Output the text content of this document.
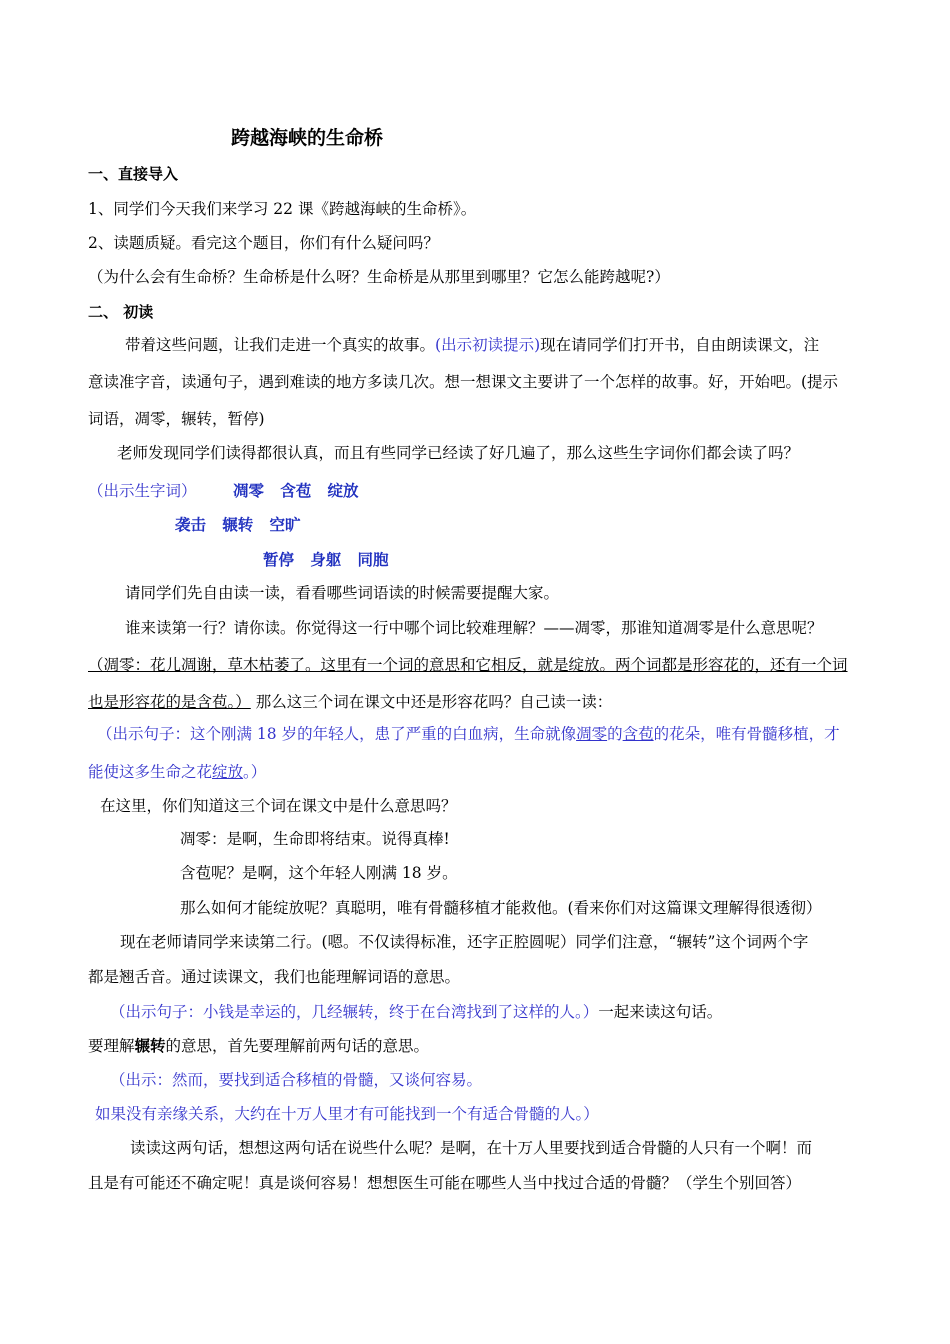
跨越海峡的生命桥
一、直接导入
1、同学们今天我们来学习 22 课《跨越海峡的生命桥》。
2、读题质疑。看完这个题目，你们有什么疑问吗？
（为什么会有生命桥？生命桥是什么呀？生命桥是从那里到哪里？它怎么能跨越呢?）
二、 初读
带着这些问题，让我们走进一个真实的故事。(出示初读提示)现在请同学们打开书，自由朗读课文，注
意读准字音，读通句子，遇到难读的地方多读几次。想一想课文主要讲了一个怎样的故事。好，开始吧。(提示
词语，凋零，辗转，暂停)
老师发现同学们读得都很认真，而且有些同学已经读了好几遍了，那么这些生字词你们都会读了吗？
（出示生字词） 凋零 含苞 绽放
袭击 辗转 空旷
暂停 身躯 同胞
请同学们先自由读一读，看看哪些词语读的时候需要提醒大家。
谁来读第一行？请你读。你觉得这一行中哪个词比较难理解？——凋零，那谁知道凋零是什么意思呢？
（凋零：花儿凋谢，草木枯萎了。这里有一个词的意思和它相反，就是绽放。两个词都是形容花的，还有一个词
也是形容花的是含苞。） 那么这三个词在课文中还是形容花吗？自己读一读：
（出示句子：这个刚满 18 岁的年轻人，患了严重的白血病，生命就像凋零的含苞的花朵，唯有骨髓移植，才
能使这多生命之花绽放。）
在这里，你们知道这三个词在课文中是什么意思吗？
凋零：是啊，生命即将结束。说得真棒!
含苞呢？是啊，这个年轻人刚满 18 岁。
那么如何才能绽放呢？真聪明，唯有骨髓移植才能救他。(看来你们对这篇课文理解得很透彻）
现在老师请同学来读第二行。(嗯。不仅读得标准，还字正腔圆呢）同学们注意，“辗转”这个词两个字
都是翘舌音。通过读课文，我们也能理解词语的意思。
（出示句子：小钱是幸运的，几经辗转，终于在台湾找到了这样的人。）一起来读这句话。
要理解辗转的意思，首先要理解前两句话的意思。
（出示：然而，要找到适合移植的骨髓，又谈何容易。
如果没有亲缘关系，大约在十万人里才有可能找到一个有适合骨髓的人。）
读读这两句话，想想这两句话在说些什么呢？是啊，在十万人里要找到适合骨髓的人只有一个啊！而
且是有可能还不确定呢！真是谈何容易！想想医生可能在哪些人当中找过合适的骨髓？（学生个别回答）
